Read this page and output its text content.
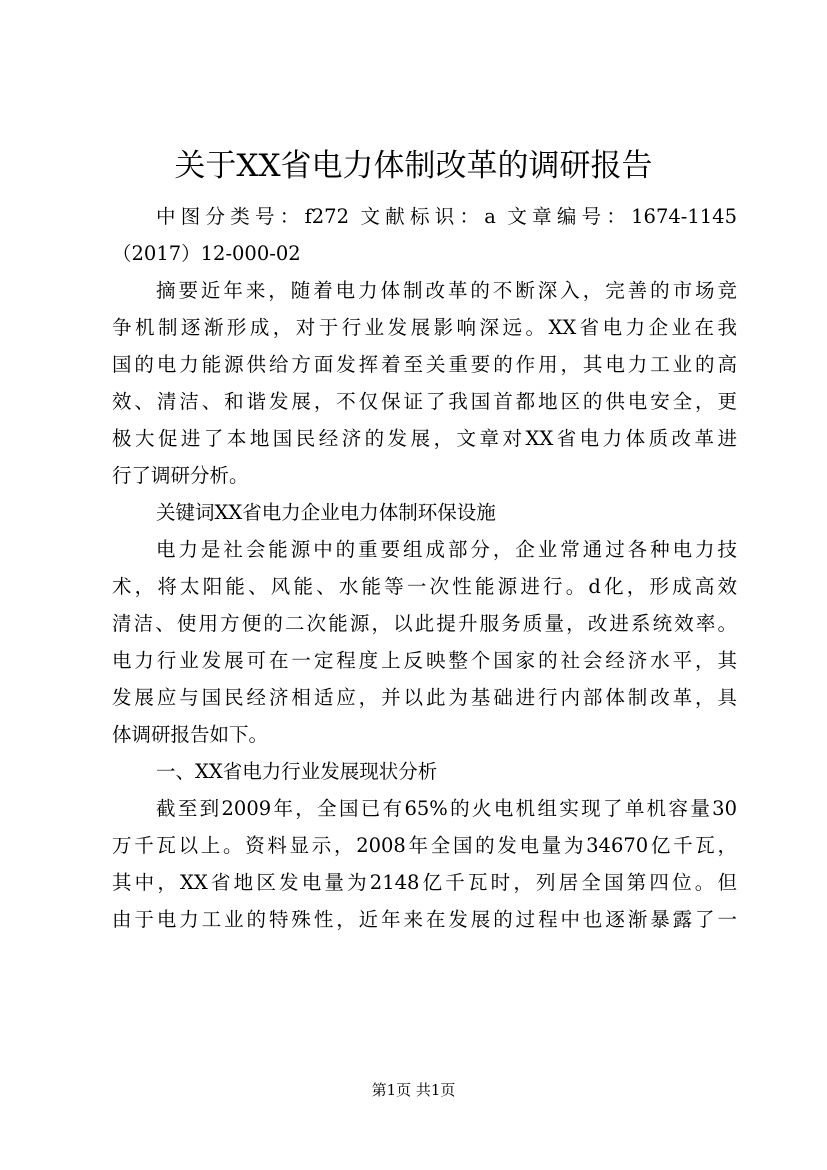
关于XX省电力体制改革的调研报告
中图分类号：f272 文献标识：a 文章编号：1674-1145
（2017）12-000-02
摘要近年来，随着电力体制改革的不断深入，完善的市场竞
争机制逐渐形成，对于行业发展影响深远。XX省电力企业在我
国的电力能源供给方面发挥着至关重要的作用，其电力工业的高
效、清洁、和谐发展，不仅保证了我国首都地区的供电安全，更
极大促进了本地国民经济的发展，文章对XX省电力体质改革进
行了调研分析。
关键词XX省电力企业电力体制环保设施
电力是社会能源中的重要组成部分，企业常通过各种电力技
术，将太阳能、风能、水能等一次性能源进行。d化，形成高效
清洁、使用方便的二次能源，以此提升服务质量，改进系统效率。
电力行业发展可在一定程度上反映整个国家的社会经济水平，其
发展应与国民经济相适应，并以此为基础进行内部体制改革，具
体调研报告如下。
一、XX省电力行业发展现状分析
截至到2009年，全国已有65%的火电机组实现了单机容量30
万千瓦以上。资料显示，2008年全国的发电量为34670亿千瓦，
其中，XX省地区发电量为2148亿千瓦时，列居全国第四位。但
由于电力工业的特殊性，近年来在发展的过程中也逐渐暴露了一
第1页 共1页
